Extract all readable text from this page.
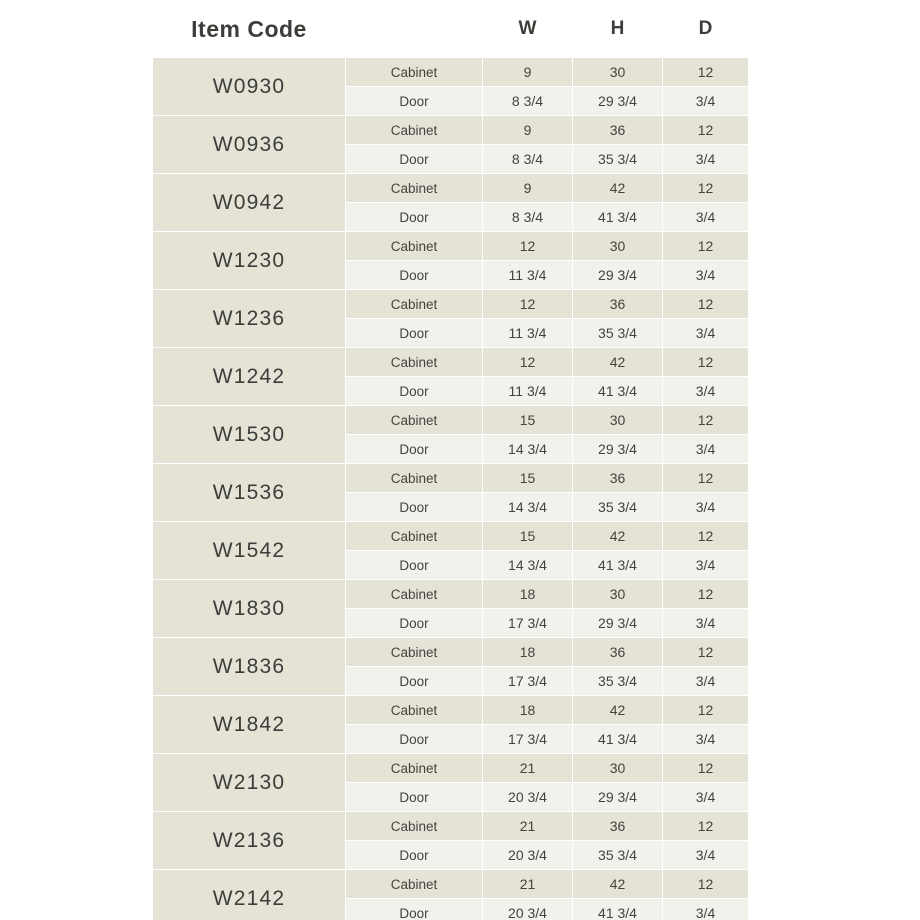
Item Code		W	H	D
W0930	Cabinet	9	30	12
	Door	8 3/4	29 3/4	3/4
W0936	Cabinet	9	36	12
	Door	8 3/4	35 3/4	3/4
W0942	Cabinet	9	42	12
	Door	8 3/4	41 3/4	3/4
W1230	Cabinet	12	30	12
	Door	11 3/4	29 3/4	3/4
W1236	Cabinet	12	36	12
	Door	11 3/4	35 3/4	3/4
W1242	Cabinet	12	42	12
	Door	11 3/4	41 3/4	3/4
W1530	Cabinet	15	30	12
	Door	14 3/4	29 3/4	3/4
W1536	Cabinet	15	36	12
	Door	14 3/4	35 3/4	3/4
W1542	Cabinet	15	42	12
	Door	14 3/4	41 3/4	3/4
W1830	Cabinet	18	30	12
	Door	17 3/4	29 3/4	3/4
W1836	Cabinet	18	36	12
	Door	17 3/4	35 3/4	3/4
W1842	Cabinet	18	42	12
	Door	17 3/4	41 3/4	3/4
W2130	Cabinet	21	30	12
	Door	20 3/4	29 3/4	3/4
W2136	Cabinet	21	36	12
	Door	20 3/4	35 3/4	3/4
W2142	Cabinet	21	42	12
	Door	20 3/4	41 3/4	3/4
